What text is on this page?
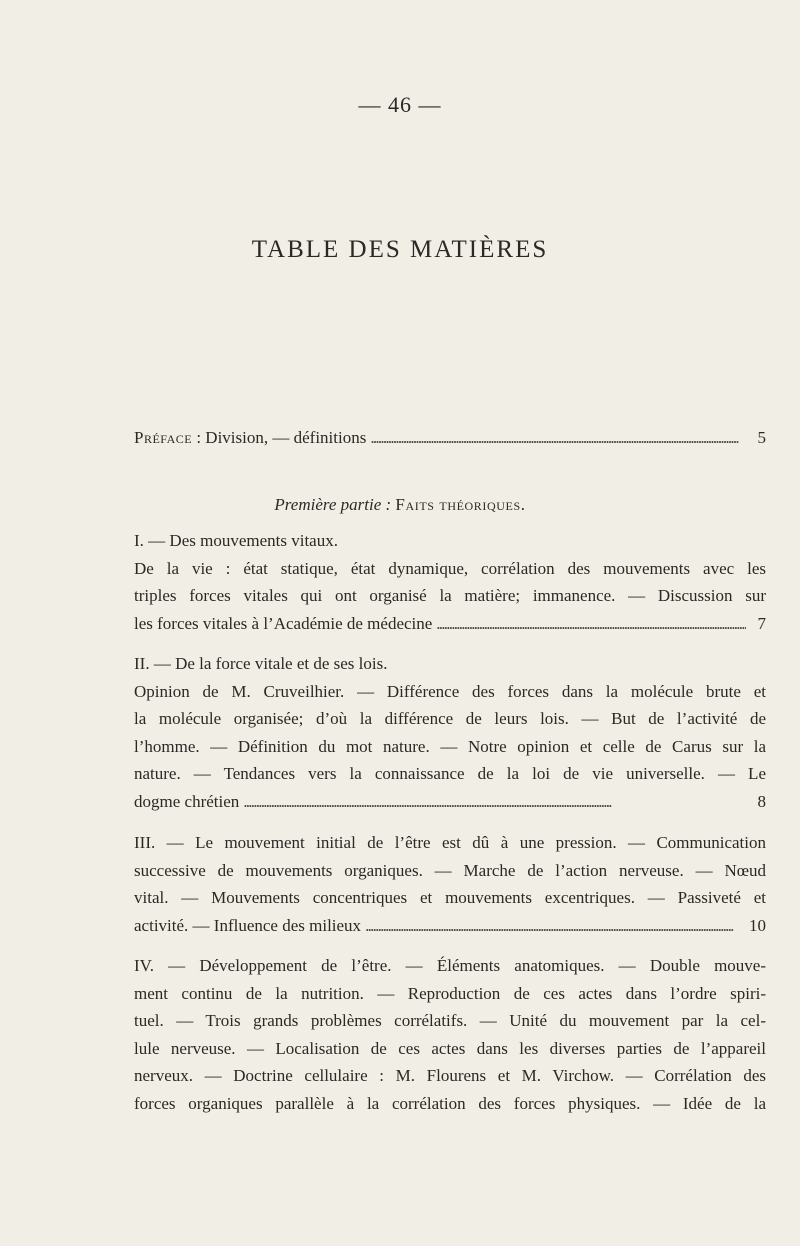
— 46 —
TABLE DES MATIÈRES
Préface
: Division, — définitions . . .	5
Première partie : Faits théoriques.
I. — Des mouvements vitaux.
De la vie : état statique, état dynamique, corrélation des mouvements avec les
triples forces vitales qui ont organisé la matière; immanence. — Discussion sur
les forces vitales à l’Académie de médecine . . .	7
II. — De la force vitale et de ses lois.
Opinion de M. Cruveilhier. — Différence des forces dans la molécule brute et
la molécule organisée; d’où la différence de leurs lois. — But de l’activité de
l’homme. — Définition du mot nature. — Notre opinion et celle de Carus sur la
nature. — Tendances vers la connaissance de la loi de vie universelle. — Le
dogme chrétien . . .	8
III. — Le mouvement initial de l’être est dû à une pression. — Communication
successive de mouvements organiques. — Marche de l’action nerveuse. — Nœud
vital. — Mouvements concentriques et mouvements excentriques. — Passiveté et
activité. — Influence des milieux . . .	10
IV. — Développement de l’être. — Éléments anatomiques. — Double mouve-
ment continu de la nutrition. — Reproduction de ces actes dans l’ordre spiri-
tuel. — Trois grands problèmes corrélatifs. — Unité du mouvement par la cel-
lule nerveuse. — Localisation de ces actes dans les diverses parties de l’appareil
nerveux. — Doctrine cellulaire : M. Flourens et M. Virchow. — Corrélation des
forces organiques parallèle à la corrélation des forces physiques. — Idée de la
